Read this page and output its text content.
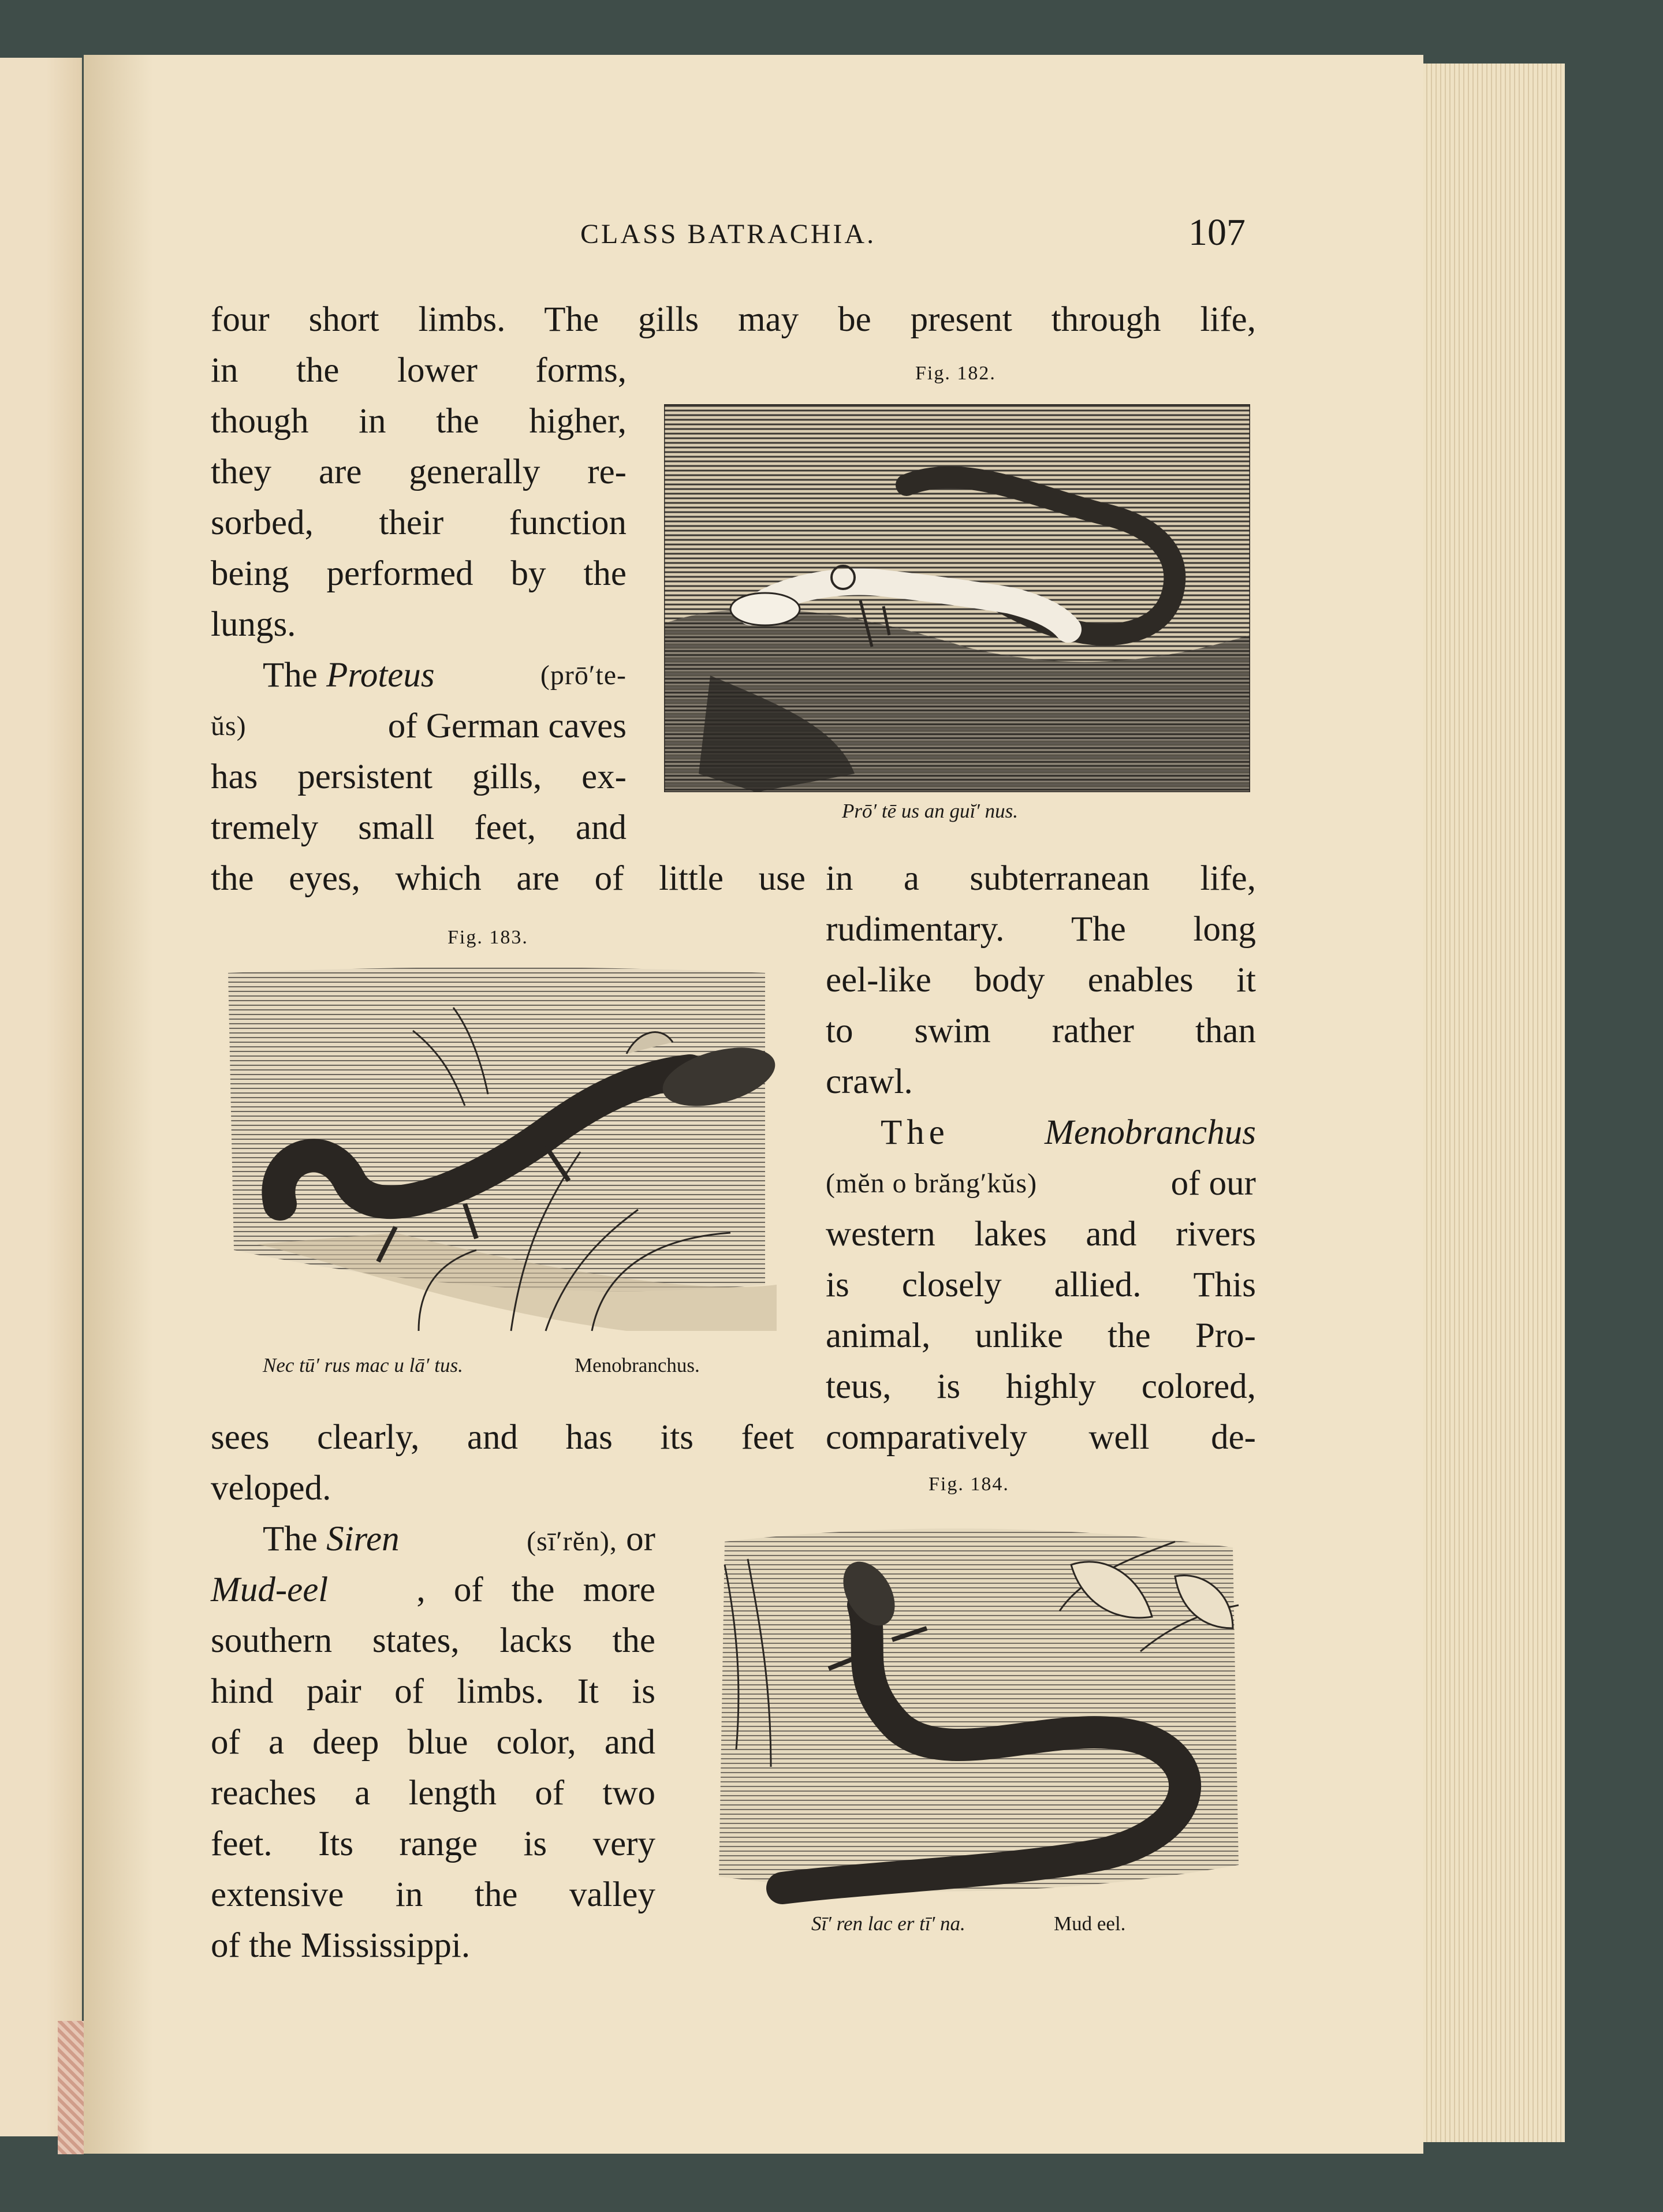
CLASS BATRACHIA.	107
four short limbs. The gills may be present through life,
in the lower forms,
though in the higher,
they are generally re-
sorbed, their function
being performed by the
lungs.
The Proteus	(prō′te-
ŭs)	of German caves
has persistent gills, ex-
tremely small feet, and
the eyes, which are of little use in a subterranean life,
rudimentary. The long
eel-like body enables it
to swim rather than
crawl.
The	Menobranchus
(mĕn o brăng′kŭs)	of our
western lakes and rivers
is closely allied. This
animal, unlike the Pro-
teus, is highly colored,
sees clearly, and has its feet comparatively well de-
veloped.
The Siren	(sī′rĕn), or
Mud-eel	, of the more
southern states, lacks the
hind pair of limbs. It is
of a deep blue color, and
reaches a length of two
feet. Its range is very
extensive in the valley
of the Mississippi.
Fig. 182.
Prō′ tē us an guĭ′ nus.
Fig. 183.
Nec tū′ rus mac u lā′ tus.	Menobranchus.
Fig. 184.
Sī′ ren lac er tī′ na.	Mud eel.
